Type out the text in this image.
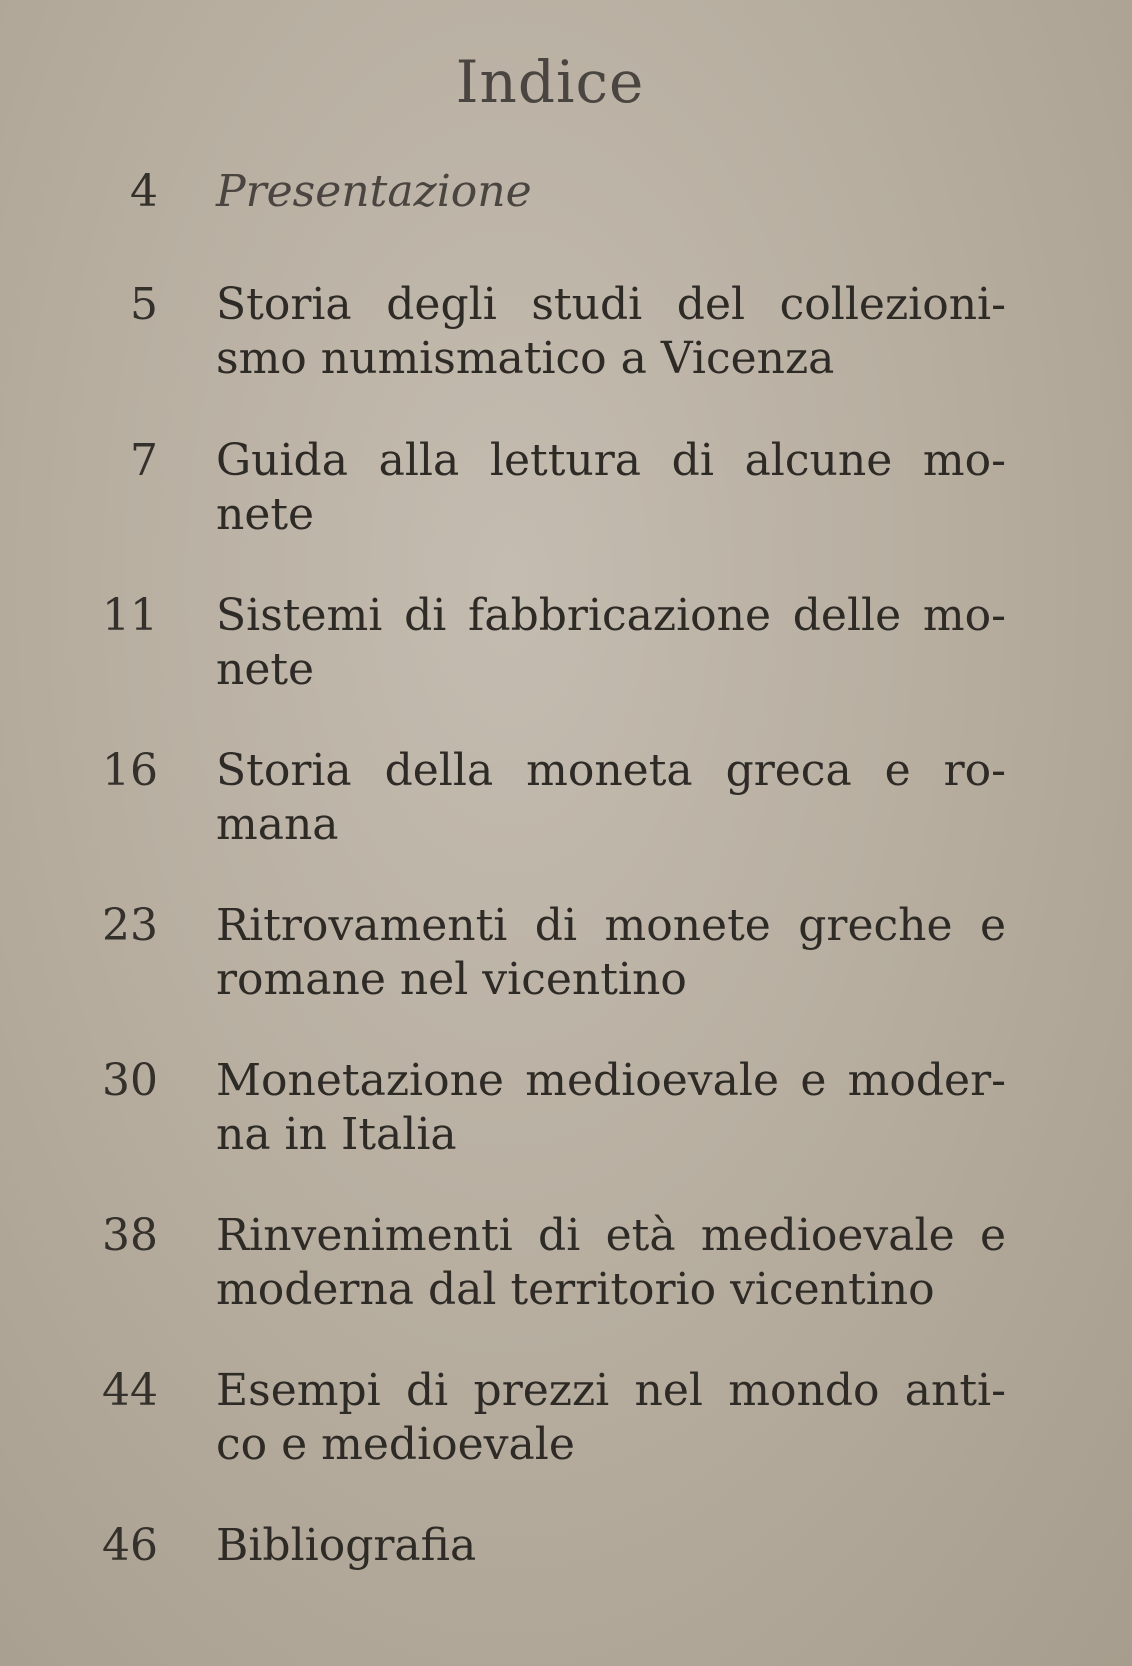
Indice
4 Presentazione

5 Storia degli studi del collezioni-
smo numismatico a Vicenza

7 Guida alla lettura di alcune mo-
nete

11 Sistemi di fabbricazione delle mo-
nete

16 Storia della moneta greca e ro-
mana

23 Ritrovamenti di monete greche e
romane nel vicentino

30 Monetazione medioevale e moder-
na in Italia

38 Rinvenimenti di età medioevale e
moderna dal territorio vicentino

44 Esempi di prezzi nel mondo anti-
co e medioevale

46 Bibliografia
